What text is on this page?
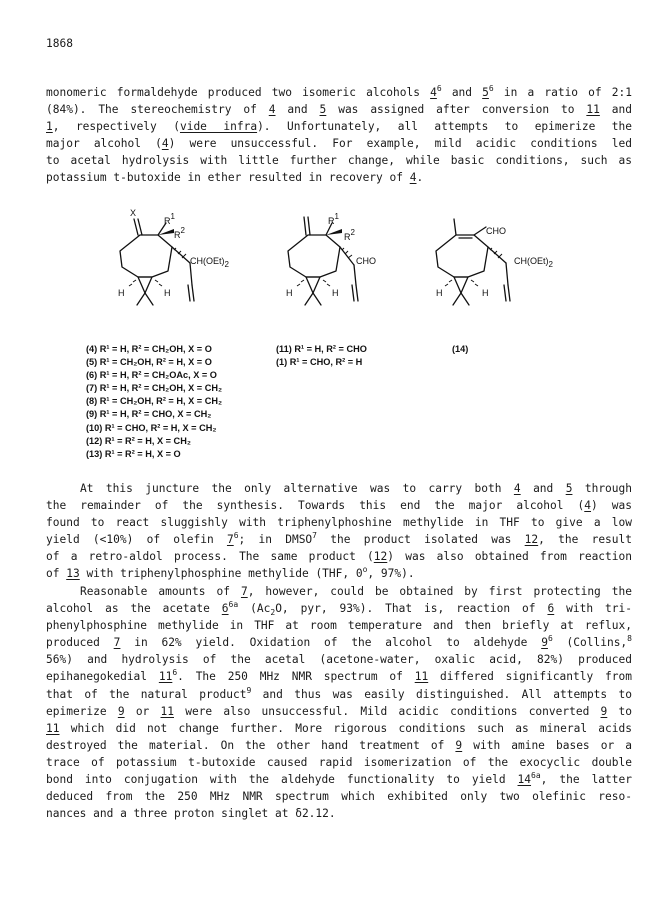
1868
monomeric formaldehyde produced two isomeric alcohols $4^6$ and $5^6$ in a ratio of 2:1
(84%). The stereochemistry of 4 and 5 was assigned after conversion to 11 and
1, respectively (vide infra). Unfortunately, all attempts to epimerize the
major alcohol (4) were unsuccessful. For example, mild acidic conditions led
to acetal hydrolysis with little further change, while basic conditions, such as
potassium t-butoxide in ether resulted in recovery of 4.
X
$R^1$
$R^2$
$CH(OEt)_2$
H	H
$R^1$
$R^2$
CHO
H	H
CHO
$CH(OEt)_2$
H	H
(4) R¹ = H, R² = CH₂OH, X = O
(5) R¹ = CH₂OH, R² = H, X = O
(6) R¹ = H, R² = CH₂OAc, X = O
(7) R¹ = H, R² = CH₂OH, X = CH₂
(8) R¹ = CH₂OH, R² = H, X = CH₂
(9) R¹ = H, R² = CHO, X = CH₂
(10) R¹ = CHO, R² = H, X = CH₂
(12) R¹ = R² = H, X = CH₂
(13) R¹ = R² = H, X = O
(11) R¹ = H, R² = CHO
(1) R¹ = CHO, R² = H
(14)
At this juncture the only alternative was to carry both 4 and 5 through
the remainder of the synthesis. Towards this end the major alcohol (4) was
found to react sluggishly with triphenylphoshine methylide in THF to give a low
yield (<10%) of olefin $7^6$; in DMSO$^7$ the product isolated was 12, the result
of a retro-aldol process. The same product (12) was also obtained from reaction
of 13 with triphenylphosphine methylide (THF, 0$^o$, 97%).
Reasonable amounts of 7, however, could be obtained by first protecting the
alcohol as the acetate $6^{6a}$ ($Ac_2O$, pyr, 93%). That is, reaction of 6 with tri-
phenylphosphine methylide in THF at room temperature and then briefly at reflux,
produced 7 in 62% yield. Oxidation of the alcohol to aldehyde $9^6$ (Collins,$^8$
56%) and hydrolysis of the acetal (acetone-water, oxalic acid, 82%) produced
epihanegokedial $11^6$. The 250 MHz NMR spectrum of 11 differed significantly from
that of the natural product$^9$ and thus was easily distinguished. All attempts to
epimerize 9 or 11 were also unsuccessful. Mild acidic conditions converted 9 to
11 which did not change further. More rigorous conditions such as mineral acids
destroyed the material. On the other hand treatment of 9 with amine bases or a
trace of potassium t-butoxide caused rapid isomerization of the exocyclic double
bond into conjugation with the aldehyde functionality to yield $14^{6a}$, the latter
deduced from the 250 MHz NMR spectrum which exhibited only two olefinic reso-
nances and a three proton singlet at δ2.12.
